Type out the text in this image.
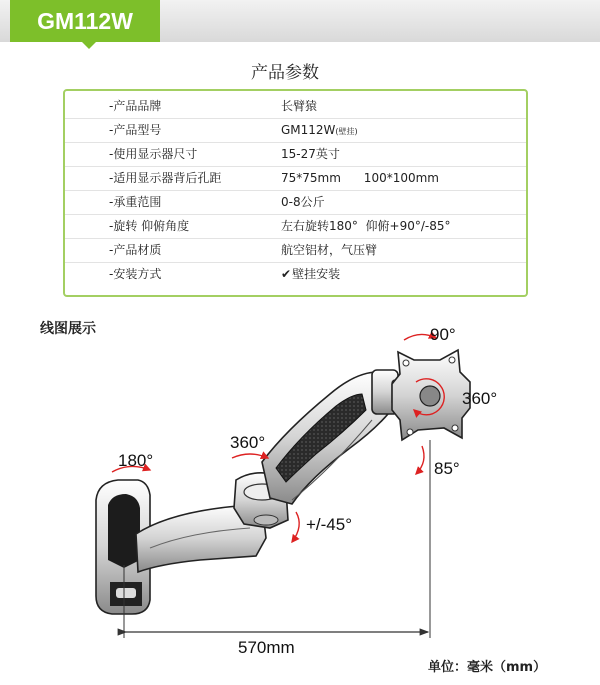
GM112W
产品参数
-产品品牌	长臂猿
-产品型号	GM112W(壁挂)
-使用显示器尺寸	15-27英寸
-适用显示器背后孔距	75*75mm      100*100mm
-承重范围	0-8公斤
-旋转 仰俯角度	左右旋转180°  仰俯+90°/-85°
-产品材质	航空铝材，气压臂
-安装方式	✔壁挂安装
线图展示
180°
360°
+/-45°
90°
360°
85°
570mm
单位：毫米（mm）
